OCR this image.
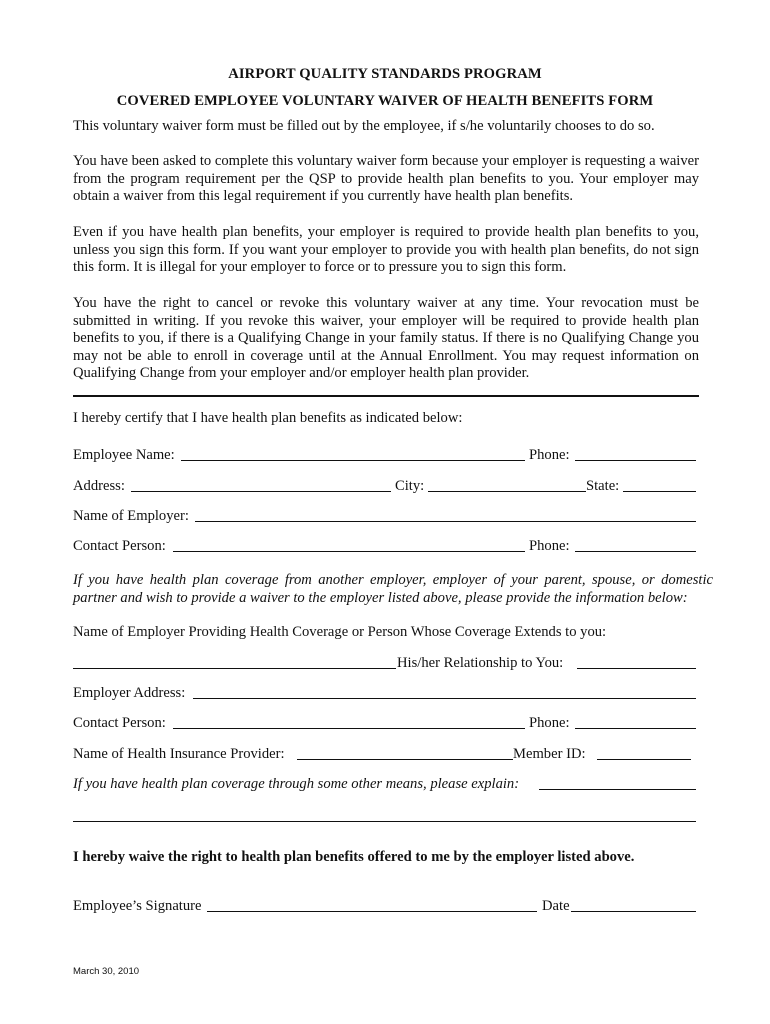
AIRPORT QUALITY STANDARDS PROGRAM
COVERED EMPLOYEE VOLUNTARY WAIVER OF HEALTH BENEFITS FORM
This voluntary waiver form must be filled out by the employee, if s/he voluntarily chooses to do so.
You have been asked to complete this voluntary waiver form because your employer is requesting a waiver from the program requirement per the QSP to provide health plan benefits to you. Your employer may obtain a waiver from this legal requirement if you currently have health plan benefits.
Even if you have health plan benefits, your employer is required to provide health plan benefits to you, unless you sign this form. If you want your employer to provide you with health plan benefits, do not sign this form. It is illegal for your employer to force or to pressure you to sign this form.
You have the right to cancel or revoke this voluntary waiver at any time. Your revocation must be submitted in writing. If you revoke this waiver, your employer will be required to provide health plan benefits to you, if there is a Qualifying Change in your family status. If there is no Qualifying Change you may not be able to enroll in coverage until at the Annual Enrollment. You may request information on Qualifying Change from your employer and/or employer health plan provider.
I hereby certify that I have health plan benefits as indicated below:
Employee Name:	Phone:
Address:	City:	State:
Name of Employer:
Contact Person:	Phone:
If you have health plan coverage from another employer, employer of your parent, spouse, or domestic partner and wish to provide a waiver to the employer listed above, please provide the information below:
Name of Employer Providing Health Coverage or Person Whose Coverage Extends to you:
His/her Relationship to You:
Employer Address:
Contact Person:	Phone:
Name of Health Insurance Provider:	Member ID:
If you have health plan coverage through some other means, please explain:
I hereby waive the right to health plan benefits offered to me by the employer listed above.
Employee’s Signature	Date
March 30, 2010
